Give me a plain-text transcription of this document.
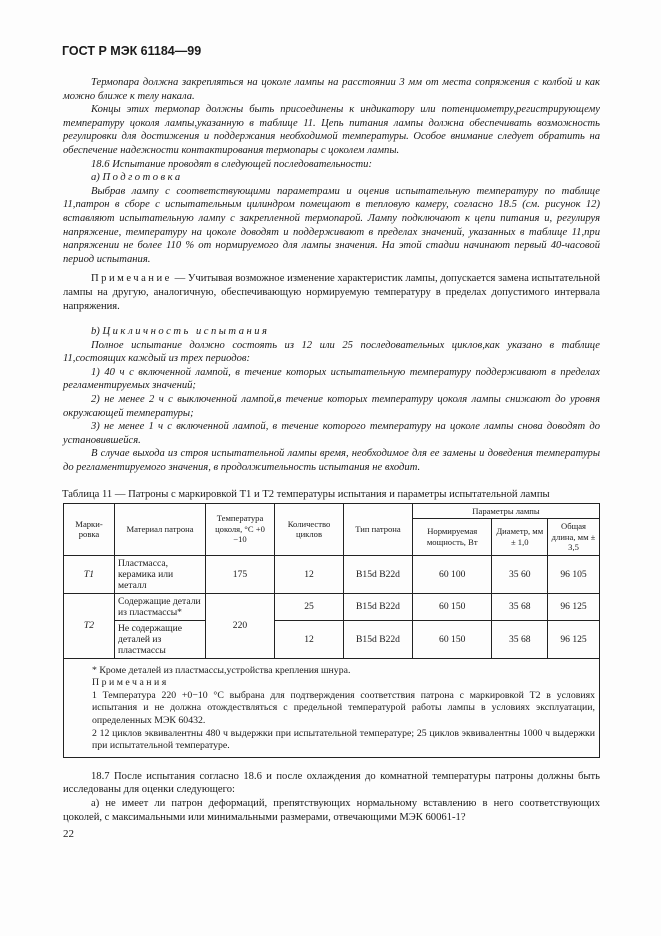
ГОСТ Р МЭК 61184—99

Термопара должна закрепляться на цоколе лампы на расстоянии 3 мм от места сопряжения с колбой и как можно ближе к телу накала.

Концы этих термопар должны быть присоединены к индикатору или потенциометру,регистрирующему температуру цоколя лампы,указанную в таблице 11. Цепь питания лампы должна обеспечивать возможность регулировки для достижения и поддержания необходимой температуры. Особое внимание следует обратить на обеспечение надежности контактирования термопары с цоколем лампы.

18.6 Испытание проводят в следующей последовательности:

а) Подготовка

Выбрав лампу с соответствующими параметрами и оценив испытательную температуру по таблице 11,патрон в сборе с испытательным цилиндром помещают в тепловую камеру, согласно 18.5 (см. рисунок 12) вставляют испытательную лампу с закрепленной термопарой. Лампу подключают к цепи питания и, регулируя напряжение, температуру на цоколе доводят и поддерживают в пределах значений, указанных в таблице 11,при напряжении не более 110 % от нормируемого для лампы значения. На этой стадии начинают первый 40-часовой период испытания.

Примечание — Учитывая возможное изменение характеристик лампы, допускается замена испытательной лампы на другую, аналогичную, обеспечивающую нормируемую температуру в пределах допустимого интервала напряжения.

b) Цикличность испытания

Полное испытание должно состоять из 12 или 25 последовательных циклов,как указано в таблице 11,состоящих каждый из трех периодов:

1) 40 ч с включенной лампой, в течение которых испытательную температуру поддерживают в пределах регламентируемых значений;

2) не менее 2 ч с выключенной лампой,в течение которых температуру цоколя лампы снижают до уровня окружающей температуры;

3) не менее 1 ч с включенной лампой, в течение которого температуру на цоколе лампы снова доводят до установившейся.

В случае выхода из строя испытательной лампы время, необходимое для ее замены и доведения температуры до регламентируемого значения, в продолжительность испытания не входит.

Таблица 11 — Патроны с маркировкой T1 и T2 температуры испытания и параметры испытательной лампы
Марки-ровка	Материал патрона	Температура цоколя, °С +0 −10	Количество циклов	Тип патрона	Параметры лампы		
					Нормируемая мощность, Вт	Диаметр, мм ± 1,0	Общая длина, мм ± 3,5
T1	Пластмасса, керамика или металл	175	12	B15d B22d	60 100	35 60	96 105
T2	Содержащие детали из пластмассы*	220	25	B15d B22d	60 150	35 68	96 125
	Не содержащие деталей из пластмассы		12	B15d B22d	60 150	35 68	96 125

* Кроме деталей из пластмассы,устройства крепления шнура.
Примечания
1 Температура 220 +0−10 °С выбрана для подтверждения соответствия патрона с маркировкой T2 в условиях испытания и не должна отождествляться с предельной температурой работы лампы в условиях эксплуатации, определенных МЭК 60432.
2 12 циклов эквивалентны 480 ч выдержки при испытательной температуре; 25 циклов эквивалентны 1000 ч выдержки при испытательной температуре.							

18.7 После испытания согласно 18.6 и после охлаждения до комнатной температуры патроны должны быть исследованы для оценки следующего:

а) не имеет ли патрон деформаций, препятствующих нормальному вставлению в него соответствующих цоколей, с максимальными или минимальными размерами, отвечающими МЭК 60061-1?

22
